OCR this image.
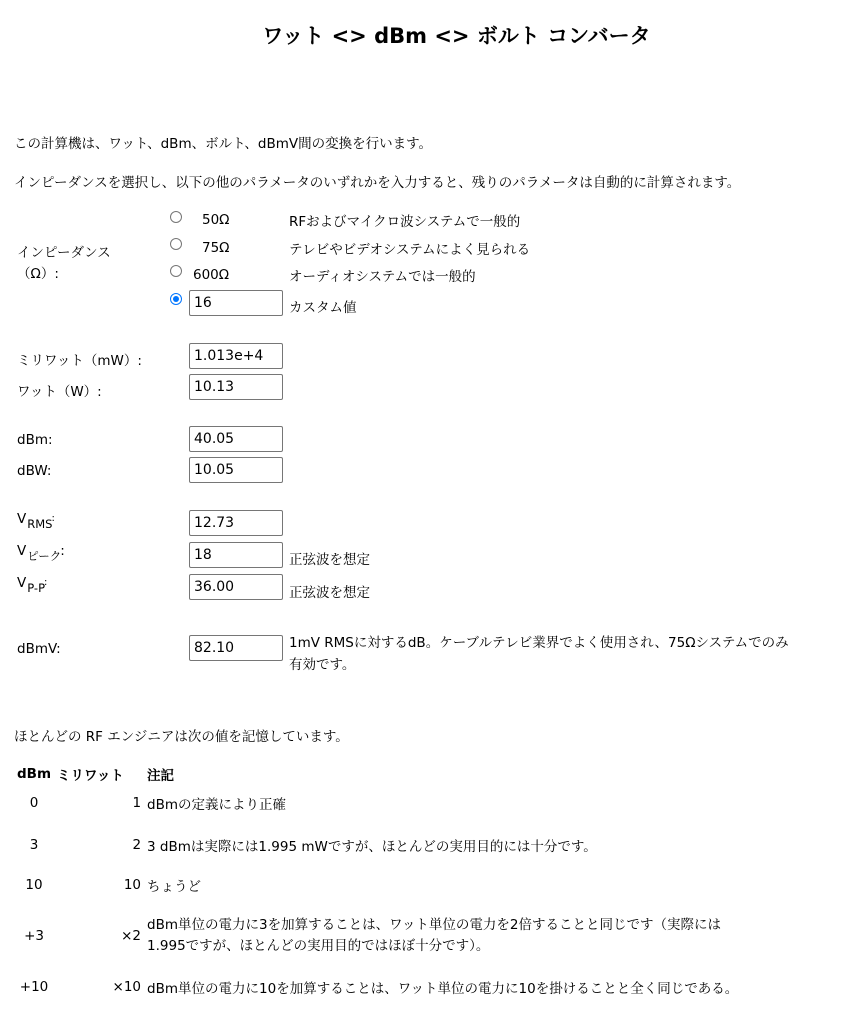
ワット <> dBm <> ボルト コンバータ
この計算機は、ワット、dBm、ボルト、dBmV間の変換を行います。
インピーダンスを選択し、以下の他のパラメータのいずれかを入力すると、残りのパラメータは自動的に計算されます。
インピーダンス（Ω）:
50Ω	RFおよびマイクロ波システムで一般的
75Ω	テレビやビデオシステムによく見られる
600Ω	オーディオシステムでは一般的
16	カスタム値
ミリワット（mW）:	1.013e+4
ワット（W）:	10.13
dBm:	40.05
dBW:	10.05
VRMS:	12.73
Vピーク:	18	正弦波を想定
VP-P:	36.00	正弦波を想定
dBmV:	82.10	1mV RMSに対するdB。ケーブルテレビ業界でよく使用され、75Ωシステムでのみ
有効です。
ほとんどの RF エンジニアは次の値を記憶しています。
dBm	ミリワット	注記
0	1	dBmの定義により正確
3	2	3 dBmは実際には1.995 mWですが、ほとんどの実用目的には十分です。
10	10	ちょうど
+3	×2	dBm単位の電力に3を加算することは、ワット単位の電力を2倍することと同じです（実際には
1.995ですが、ほとんどの実用目的ではほぼ十分です）。

+10	×10	dBm単位の電力に10を加算することは、ワット単位の電力に10を掛けることと全く同じである。
